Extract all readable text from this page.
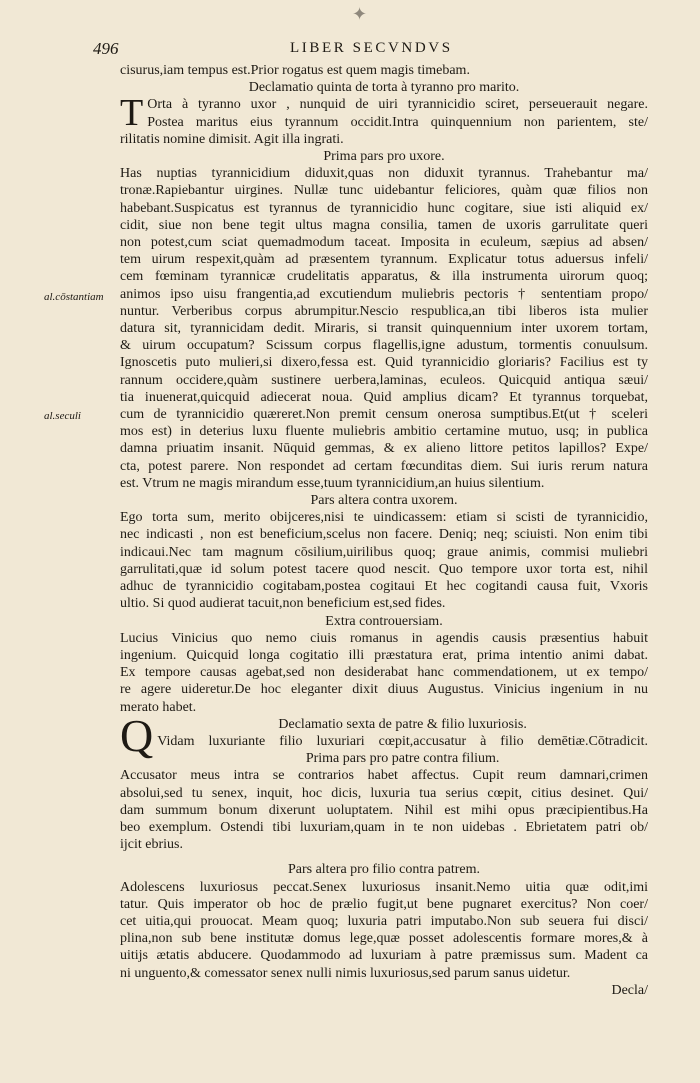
✦
496	LIBER SECVNDVS
al.cōstantiam
al.seculi

cisurus,iam tempus est.Prior rogatus est quem magis timebam.

Declamatio quinta de torta à tyranno pro marito.

T Orta à tyranno uxor , nunquid de uiri tyrannicidio sciret, perseuerauit negare.

Postea maritus eius tyrannum occidit.Intra quinquennium non parientem, ste/

rilitatis nomine dimisit. Agit illa ingrati.

Prima pars pro uxore.

Has nuptias tyrannicidium diduxit,quas non diduxit tyrannus. Trahebantur ma/

tronæ.Rapiebantur uirgines. Nullæ tunc uidebantur feliciores, quàm quæ filios non

habebant.Suspicatus est tyrannus de tyrannicidio hunc cogitare, siue isti aliquid ex/

cidit, siue non bene tegit ultus magna consilia, tamen de uxoris garrulitate queri

non potest,cum sciat quemadmodum taceat. Imposita in eculeum, sæpius ad absen/

tem uirum respexit,quàm ad præsentem tyrannum. Explicatur totus aduersus infeli/

cem fœminam tyrannicæ crudelitatis apparatus, & illa instrumenta uirorum quoq;

animos ipso uisu frangentia,ad excutiendum muliebris pectoris † sententiam propo/

nuntur. Verberibus corpus abrumpitur.Nescio respublica,an tibi liberos ista mulier

datura sit, tyrannicidam dedit. Miraris, si transit quinquennium inter uxorem tortam,

& uirum occupatum? Scissum corpus flagellis,igne adustum, tormentis conuulsum.

Ignoscetis puto mulieri,si dixero,fessa est. Quid tyrannicidio gloriaris? Facilius est ty

rannum occidere,quàm sustinere uerbera,laminas, eculeos. Quicquid antiqua sæui/

tia inuenerat,quicquid adiecerat noua. Quid amplius dicam? Et tyrannus torquebat,

cum de tyrannicidio quæreret.Non premit censum onerosa sumptibus.Et(ut † sceleri

mos est) in deterius luxu fluente muliebris ambitio certamine mutuo, usq; in publica

damna priuatim insanit. Nūquid gemmas, & ex alieno littore petitos lapillos? Expe/

cta, potest parere. Non respondet ad certam fœcunditas diem. Sui iuris rerum natura

est. Vtrum ne magis mirandum esse,tuum tyrannicidium,an huius silentium.

Pars altera contra uxorem.

Ego torta sum, merito obijceres,nisi te uindicassem: etiam si scisti de tyrannicidio,

nec indicasti , non est beneficium,scelus non facere. Deniq; neq; sciuisti. Non enim tibi

indicaui.Nec tam magnum cōsilium,uirilibus quoq; graue animis, commisi muliebri

garrulitati,quæ id solum potest tacere quod nescit. Quo tempore uxor torta est, nihil

adhuc de tyrannicidio cogitabam,postea cogitaui Et hec cogitandi causa fuit, Vxoris

ultio. Si quod audierat tacuit,non beneficium est,sed fides.

Extra controuersiam.

Lucius Vinicius quo nemo ciuis romanus in agendis causis præsentius habuit

ingenium. Quicquid longa cogitatio illi præstatura erat, prima intentio animi dabat.

Ex tempore causas agebat,sed non desiderabat hanc commendationem, ut ex tempo/

re agere uideretur.De hoc eleganter dixit diuus Augustus. Vinicius ingenium in nu

merato habet.

Q	Declamatio sexta de patre & filio luxuriosis.

Vidam luxuriante filio luxuriari cœpit,accusatur à filio demētiæ.Cōtradicit.

Prima pars pro patre contra filium.

Accusator meus intra se contrarios habet affectus. Cupit reum damnari,crimen

absolui,sed tu senex, inquit, hoc dicis, luxuria tua serius cœpit, citius desinet. Qui/

dam summum bonum dixerunt uoluptatem. Nihil est mihi opus præcipientibus.Ha

beo exemplum. Ostendi tibi luxuriam,quam in te non uidebas . Ebrietatem patri ob/

ijcit ebrius.

Pars altera pro filio contra patrem.

Adolescens luxuriosus peccat.Senex luxuriosus insanit.Nemo uitia quæ odit,imi

tatur. Quis imperator ob hoc de prælio fugit,ut bene pugnaret exercitus? Non coer/

cet uitia,qui prouocat. Meam quoq; luxuria patri imputabo.Non sub seuera fui disci/

plina,non sub bene institutæ domus lege,quæ posset adolescentis formare mores,& à

uitijs ætatis abducere. Quodammodo ad luxuriam à patre præmissus sum. Madent ca

ni unguento,& comessator senex nulli nimis luxuriosus,sed parum sanus uidetur.

Decla/
